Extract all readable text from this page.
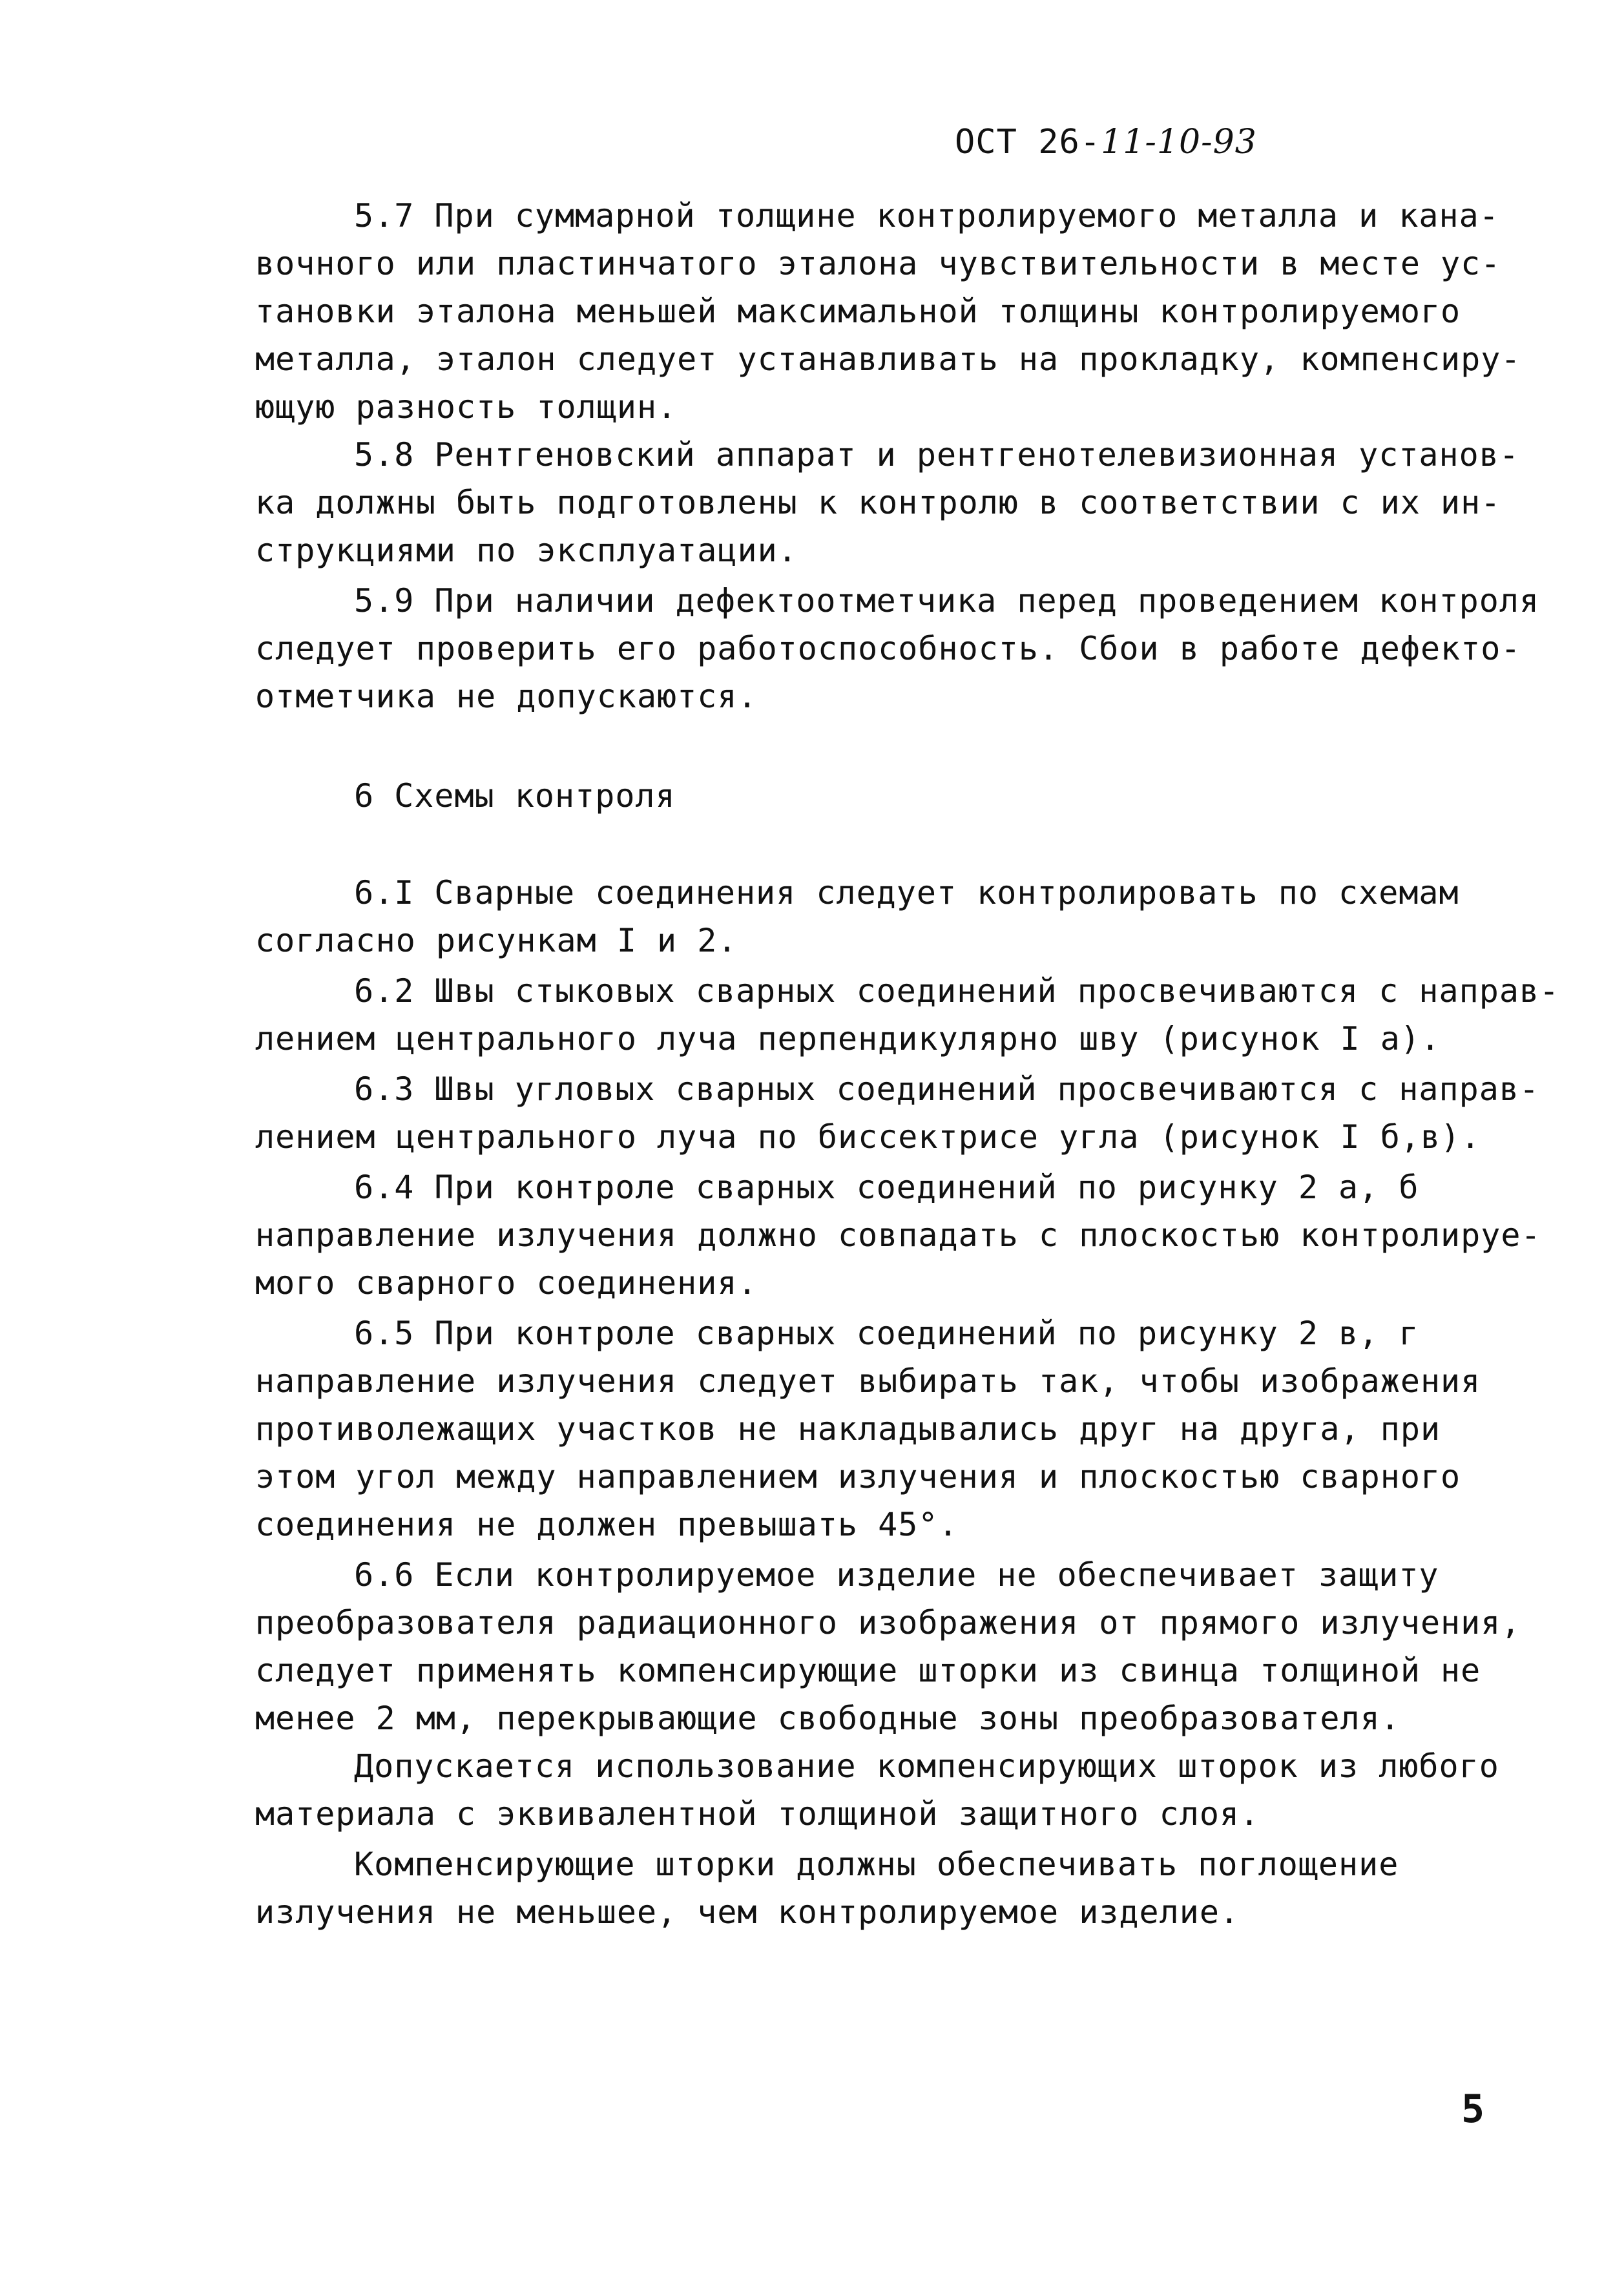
ОСТ 26-11-10-93
5.7 При суммарной толщине контролируемого металла и кана-
вочного или пластинчатого эталона чувствительности в месте ус-
тановки эталона меньшей максимальной толщины контролируемого
металла, эталон следует устанавливать на прокладку, компенсиру-
ющую разность толщин.
5.8 Рентгеновский аппарат и рентгенотелевизионная установ-
ка должны быть подготовлены к контролю в соответствии с их ин-
струкциями по эксплуатации.
5.9 При наличии дефектоотметчика перед проведением контроля
следует проверить его работоспособность. Сбои в работе дефекто-
отметчика не допускаются.
6 Схемы контроля
6.I Сварные соединения следует контролировать по схемам
согласно рисункам I и 2.
6.2 Швы стыковых сварных соединений просвечиваются с направ-
лением центрального луча перпендикулярно шву (рисунок I а).
6.3 Швы угловых сварных соединений просвечиваются с направ-
лением центрального луча по биссектрисе угла (рисунок I б,в).
6.4 При контроле сварных соединений по рисунку 2 а, б
направление излучения должно совпадать с плоскостью контролируе-
мого сварного соединения.
6.5 При контроле сварных соединений по рисунку 2 в, г
направление излучения следует выбирать так, чтобы изображения
противолежащих участков не накладывались друг на друга, при
этом угол между направлением излучения и плоскостью сварного
соединения не должен превышать 45°.
6.6 Если контролируемое изделие не обеспечивает защиту
преобразователя радиационного изображения от прямого излучения,
следует применять компенсирующие шторки из свинца толщиной не
менее 2 мм, перекрывающие свободные зоны преобразователя.
Допускается использование компенсирующих шторок из любого
материала с эквивалентной толщиной защитного слоя.
Компенсирующие шторки должны обеспечивать поглощение
излучения не меньшее, чем контролируемое изделие.
5
